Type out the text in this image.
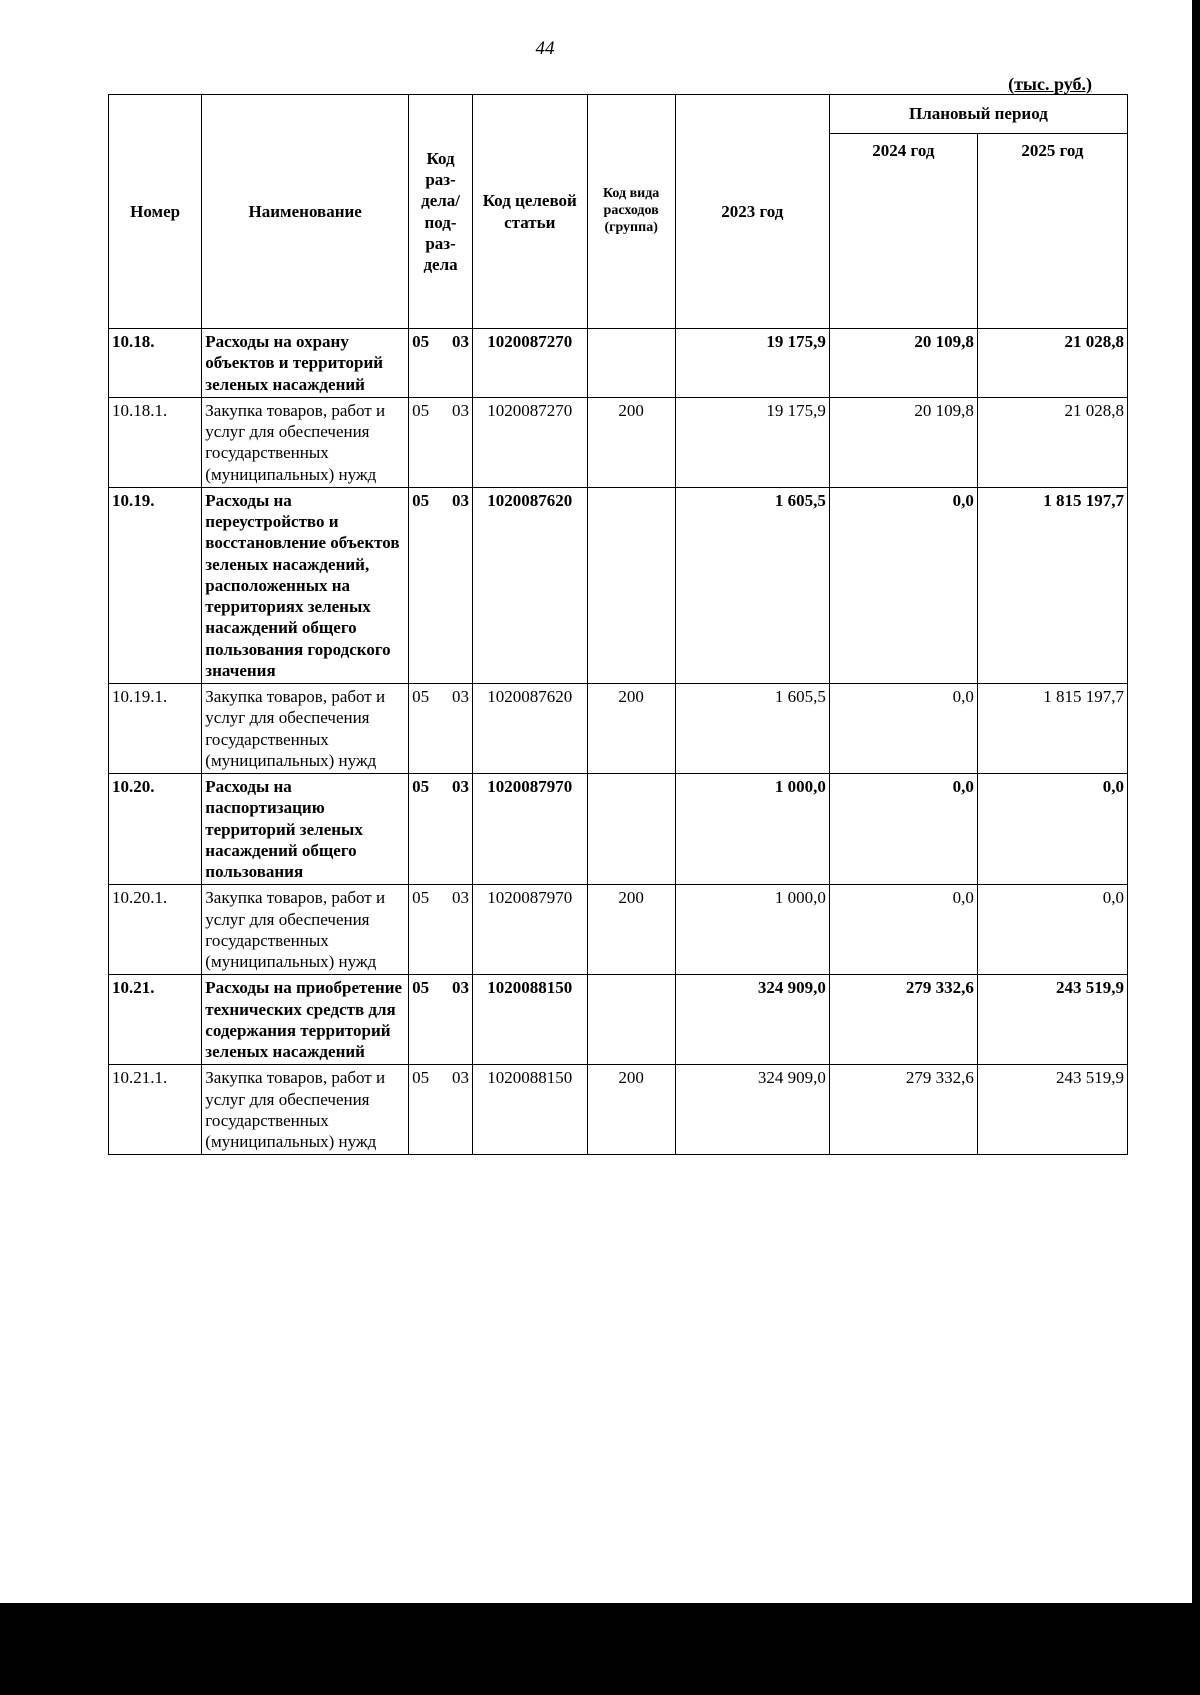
44
(тыс. руб.)
Номер	Наименование	Код раз-дела/ под-раз-дела	Код целевой статьи	Код вида расходов (группа)	2023 год	Плановый период	
						2024 год	2025 год
10.18.	Расходы на охрану объектов и территорий зеленых насаждений	05 03	1020087270		19 175,9	20 109,8	21 028,8
10.18.1.	Закупка товаров, работ и услуг для обеспечения государственных (муниципальных) нужд	05 03	1020087270	200	19 175,9	20 109,8	21 028,8
10.19.	Расходы на переустройство и восстановление объектов зеленых насаждений, расположенных на территориях зеленых насаждений общего пользования городского значения	05 03	1020087620		1 605,5	0,0	1 815 197,7
10.19.1.	Закупка товаров, работ и услуг для обеспечения государственных (муниципальных) нужд	05 03	1020087620	200	1 605,5	0,0	1 815 197,7
10.20.	Расходы на паспортизацию территорий зеленых насаждений общего пользования	05 03	1020087970		1 000,0	0,0	0,0
10.20.1.	Закупка товаров, работ и услуг для обеспечения государственных (муниципальных) нужд	05 03	1020087970	200	1 000,0	0,0	0,0
10.21.	Расходы на приобретение технических средств для содержания территорий зеленых насаждений	05 03	1020088150		324 909,0	279 332,6	243 519,9
10.21.1.	Закупка товаров, работ и услуг для обеспечения государственных (муниципальных) нужд	05 03	1020088150	200	324 909,0	279 332,6	243 519,9
